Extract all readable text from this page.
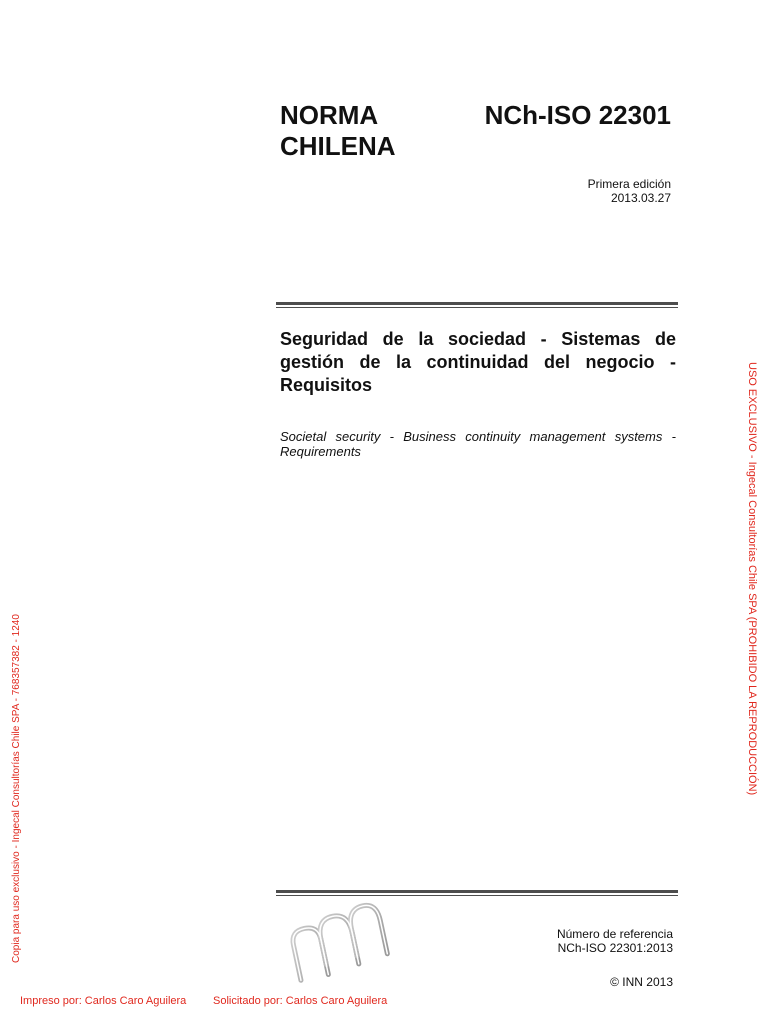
NORMA
CHILENA
NCh-ISO 22301
Primera edición
2013.03.27
Seguridad de la sociedad - Sistemas de gestión de la continuidad del negocio - Requisitos
Societal security - Business continuity management systems - Requirements
Número de referencia
NCh-ISO 22301:2013
© INN 2013
USO EXCLUSIVO - Ingecal Consultorías Chile SPA (PROHIBIDO LA REPRODUCCIÓN)
Copia para uso exclusivo - Ingecal Consultorías Chile SPA - 768357382 - 1240
Impreso por: Carlos Caro Aguilera Solicitado por: Carlos Caro Aguilera
